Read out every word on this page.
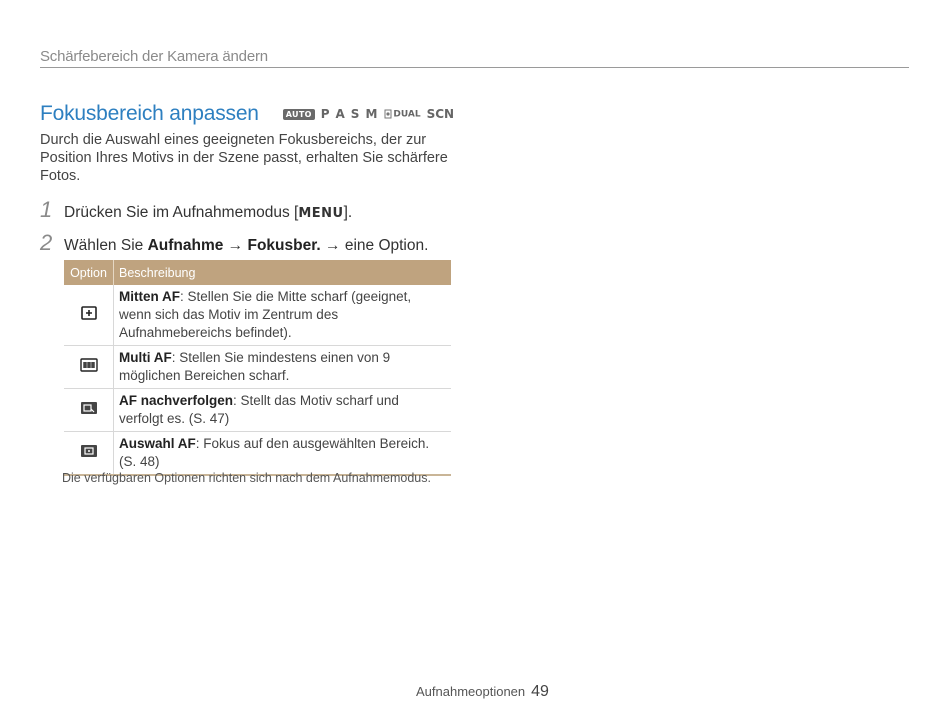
Schärfebereich der Kamera ändern
Fokusbereich anpassen	AUTO P A S M	DUAL SCN
Durch die Auswahl eines geeigneten Fokusbereichs, der zur Position Ihres Motivs in der Szene passt, erhalten Sie schärfere Fotos.
1 Drücken Sie im Aufnahmemodus [MENU].
2 Wählen Sie Aufnahme → Fokusber. → eine Option.
Option	Beschreibung
	Mitten AF: Stellen Sie die Mitte scharf (geeignet, wenn sich das Motiv im Zentrum des Aufnahmebereichs befindet).
	Multi AF: Stellen Sie mindestens einen von 9 möglichen Bereichen scharf.
	AF nachverfolgen: Stellt das Motiv scharf und verfolgt es. (S. 47)
	Auswahl AF: Fokus auf den ausgewählten Bereich. (S. 48)
Die verfügbaren Optionen richten sich nach dem Aufnahmemodus.
Aufnahmeoptionen 49
